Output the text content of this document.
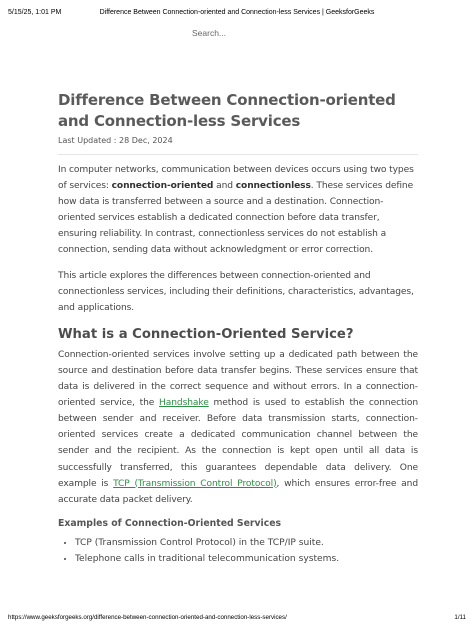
5/15/25, 1:01 PM	Difference Between Connection-oriented and Connection-less Services | GeeksforGeeks
Search...
Difference Between Connection-oriented and Connection-less Services
Last Updated : 28 Dec, 2024

In computer networks, communication between devices occurs using two types of services: connection-oriented and connectionless. These services define how data is transferred between a source and a destination. Connection-oriented services establish a dedicated connection before data transfer, ensuring reliability. In contrast, connectionless services do not establish a connection, sending data without acknowledgment or error correction.

This article explores the differences between connection-oriented and connectionless services, including their definitions, characteristics, advantages, and applications.

What is a Connection-Oriented Service?

Connection-oriented services involve setting up a dedicated path between the source and destination before data transfer begins. These services ensure that data is delivered in the correct sequence and without errors. In a connection-oriented service, the Handshake method is used to establish the connection between sender and receiver. Before data transmission starts, connection-oriented services create a dedicated communication channel between the sender and the recipient. As the connection is kept open until all data is successfully transferred, this guarantees dependable data delivery. One example is TCP (Transmission Control Protocol), which ensures error-free and accurate data packet delivery.

Examples of Connection-Oriented Services
• TCP (Transmission Control Protocol) in the TCP/IP suite.
• Telephone calls in traditional telecommunication systems.
https://www.geeksforgeeks.org/difference-between-connection-oriented-and-connection-less-services/	1/11
